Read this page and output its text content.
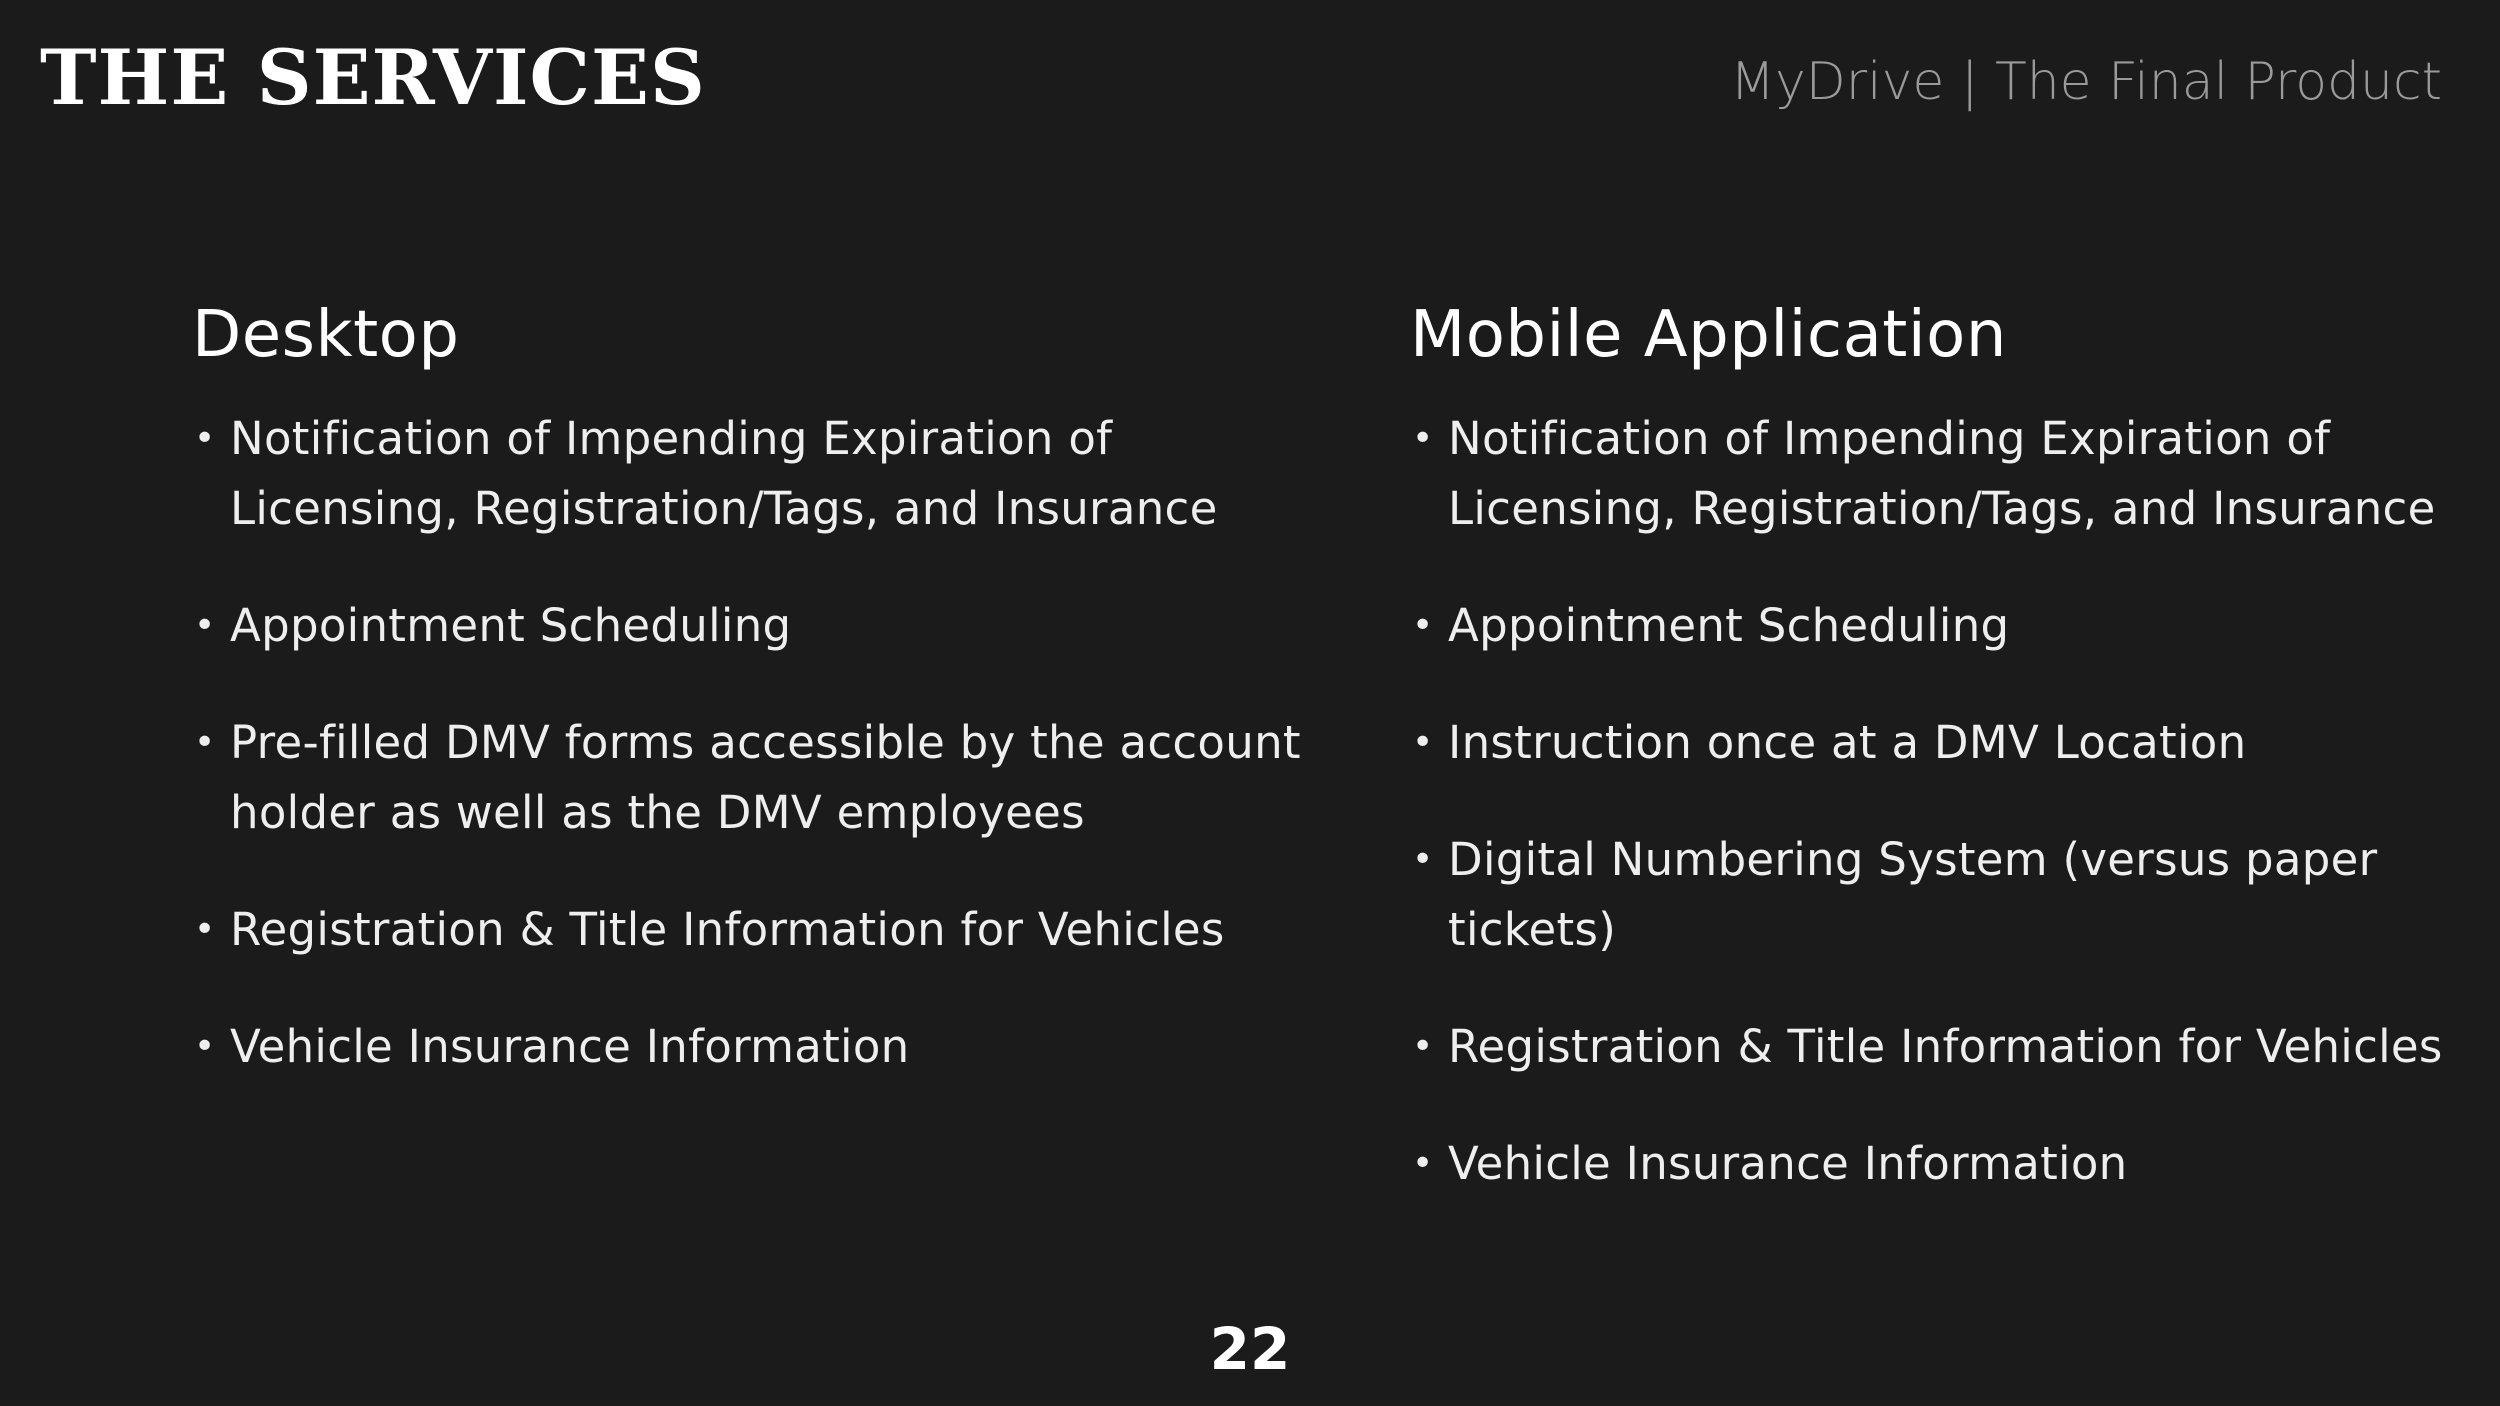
THE SERVICES	MyDrive | The Final Product
Desktop
• Notification of Impending Expiration of Licensing, Registration/Tags, and Insurance
• Appointment Scheduling
• Pre-filled DMV forms accessible by the account holder as well as the DMV employees
• Registration & Title Information for Vehicles
• Vehicle Insurance Information
Mobile Application
• Notification of Impending Expiration of Licensing, Registration/Tags, and Insurance
• Appointment Scheduling
• Instruction once at a DMV Location
• Digital Numbering System (versus paper tickets)
• Registration & Title Information for Vehicles
• Vehicle Insurance Information
22
